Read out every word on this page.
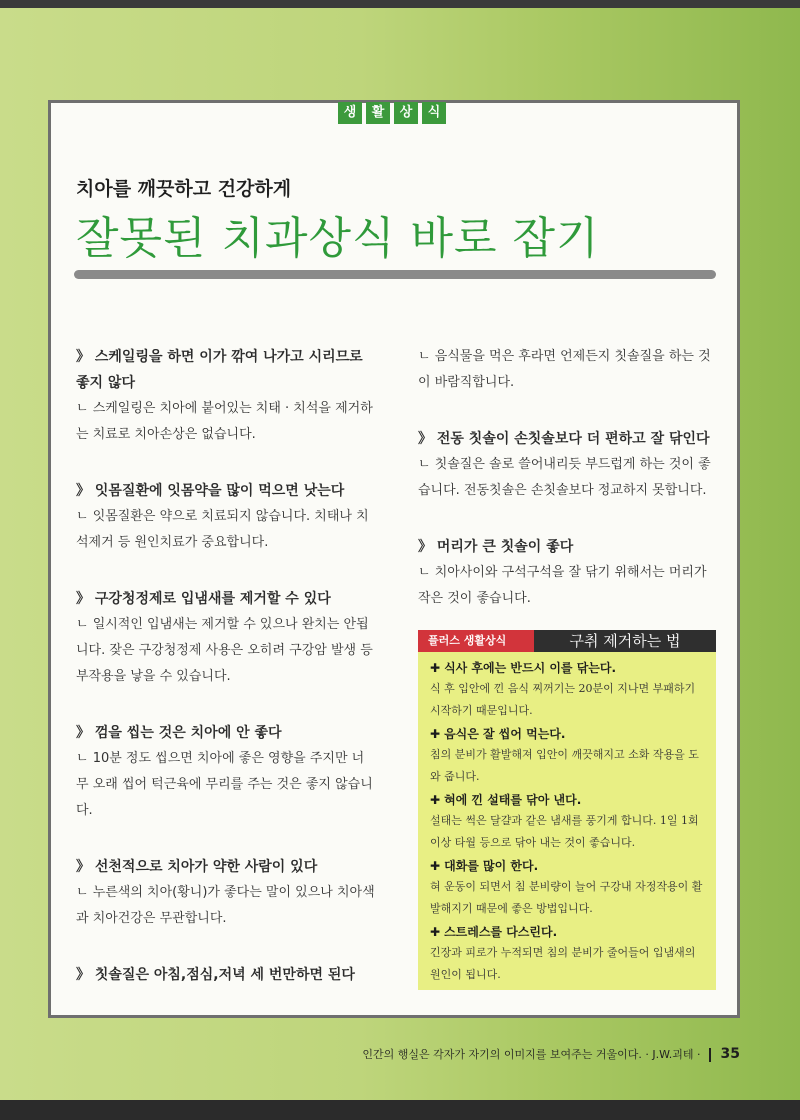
생	활	상	식
치아를 깨끗하고 건강하게
잘못된 치과상식 바로 잡기
》 스케일링을 하면 이가 깎여 나가고 시리므로 좋지 않다
ㄴ 스케일링은 치아에 붙어있는 치태 · 치석을 제거하는 치료로 치아손상은 없습니다.
》 잇몸질환에 잇몸약을 많이 먹으면 낫는다
ㄴ 잇몸질환은 약으로 치료되지 않습니다. 치태나 치석제거 등 원인치료가 중요합니다.
》 구강청정제로 입냄새를 제거할 수 있다
ㄴ 일시적인 입냄새는 제거할 수 있으나 완치는 안됩니다. 잦은 구강청정제 사용은 오히려 구강암 발생 등 부작용을 낳을 수 있습니다.
》 껌을 씹는 것은 치아에 안 좋다
ㄴ 10분 정도 씹으면 치아에 좋은 영향을 주지만 너무 오래 씹어 턱근육에 무리를 주는 것은 좋지 않습니다.
》 선천적으로 치아가 약한 사람이 있다
ㄴ 누른색의 치아(황니)가 좋다는 말이 있으나 치아색과 치아건강은 무관합니다.
》 칫솔질은 아침,점심,저녁 세 번만하면 된다
ㄴ 음식물을 먹은 후라면 언제든지 칫솔질을 하는 것이 바람직합니다.
》 전동 칫솔이 손칫솔보다 더 편하고 잘 닦인다
ㄴ 칫솔질은 솔로 쓸어내리듯 부드럽게 하는 것이 좋습니다. 전동칫솔은 손칫솔보다 정교하지 못합니다.
》 머리가 큰 칫솔이 좋다
ㄴ 치아사이와 구석구석을 잘 닦기 위해서는 머리가 작은 것이 좋습니다.
플러스 생활상식	구취 제거하는 법
✚ 식사 후에는 반드시 이를 닦는다.
식 후 입안에 낀 음식 찌꺼기는 20분이 지나면 부패하기 시작하기 때문입니다.
✚ 음식은 잘 씹어 먹는다.
침의 분비가 활발해져 입안이 깨끗해지고 소화 작용을 도와 줍니다.
✚ 혀에 낀 설태를 닦아 낸다.
설태는 썩은 달걀과 같은 냄새를 풍기게 합니다. 1일 1회이상 타월 등으로 닦아 내는 것이 좋습니다.
✚ 대화를 많이 한다.
혀 운동이 되면서 침 분비량이 늘어 구강내 자정작용이 활발해지기 때문에 좋은 방법입니다.
✚ 스트레스를 다스린다.
긴장과 피로가 누적되면 침의 분비가 줄어들어 입냄새의 원인이 됩니다.
인간의 행실은 각자가 자기의 이미지를 보여주는 거울이다. · J.W.괴테 · 35
